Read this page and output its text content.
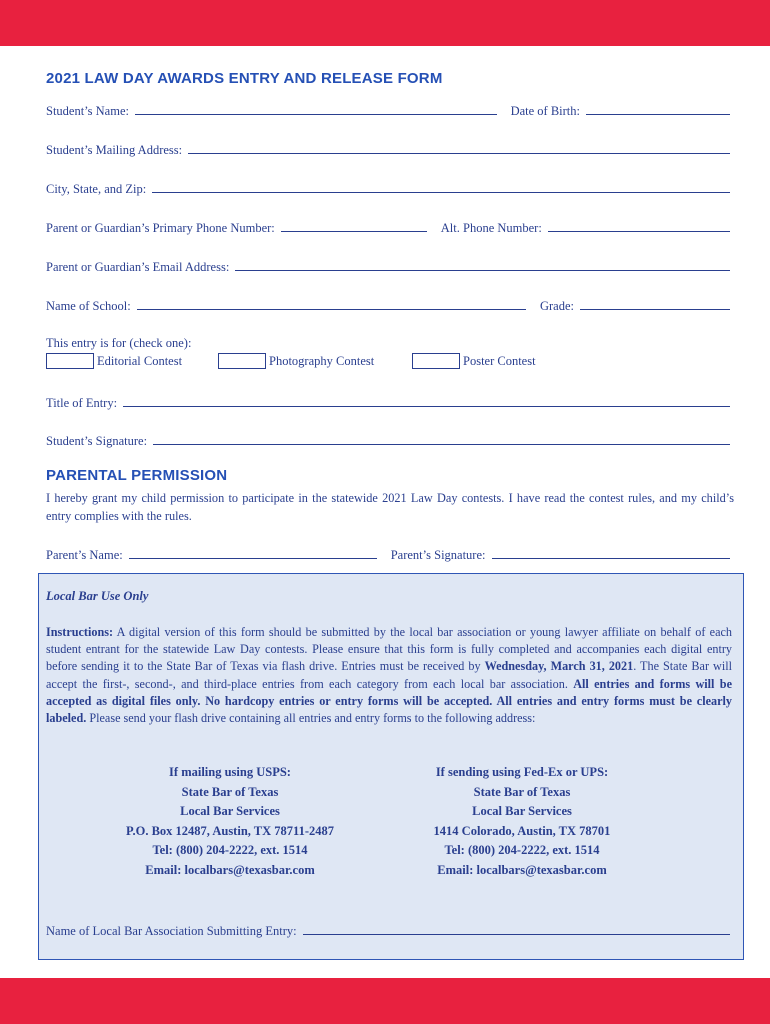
2021 LAW DAY AWARDS ENTRY AND RELEASE FORM
Student’s Name:	Date of Birth:
Student’s Mailing Address:
City, State, and Zip:
Parent or Guardian’s Primary Phone Number:	Alt. Phone Number:
Parent or Guardian’s Email Address:
Name of School:	Grade:
This entry is for (check one):
Editorial Contest	Photography Contest	Poster Contest
Title of Entry:
Student’s Signature:
PARENTAL PERMISSION
I hereby grant my child permission to participate in the statewide 2021 Law Day contests. I have read the contest rules, and my child’s entry complies with the rules.
Parent’s Name:	Parent’s Signature:
Local Bar Use Only
Instructions: A digital version of this form should be submitted by the local bar association or young lawyer affiliate on behalf of each student entrant for the statewide Law Day contests. Please ensure that this form is fully completed and accompanies each digital entry before sending it to the State Bar of Texas via flash drive. Entries must be received by Wednesday, March 31, 2021. The State Bar will accept the first-, second-, and third-place entries from each category from each local bar association. All entries and forms will be accepted as digital files only. No hardcopy entries or entry forms will be accepted. All entries and entry forms must be clearly labeled. Please send your flash drive containing all entries and entry forms to the following address:
If mailing using USPS:
State Bar of Texas
Local Bar Services
P.O. Box 12487, Austin, TX 78711-2487
Tel: (800) 204-2222, ext. 1514
Email: localbars@texasbar.com
If sending using Fed-Ex or UPS:
State Bar of Texas
Local Bar Services
1414 Colorado, Austin, TX 78701
Tel: (800) 204-2222, ext. 1514
Email: localbars@texasbar.com
Name of Local Bar Association Submitting Entry:
